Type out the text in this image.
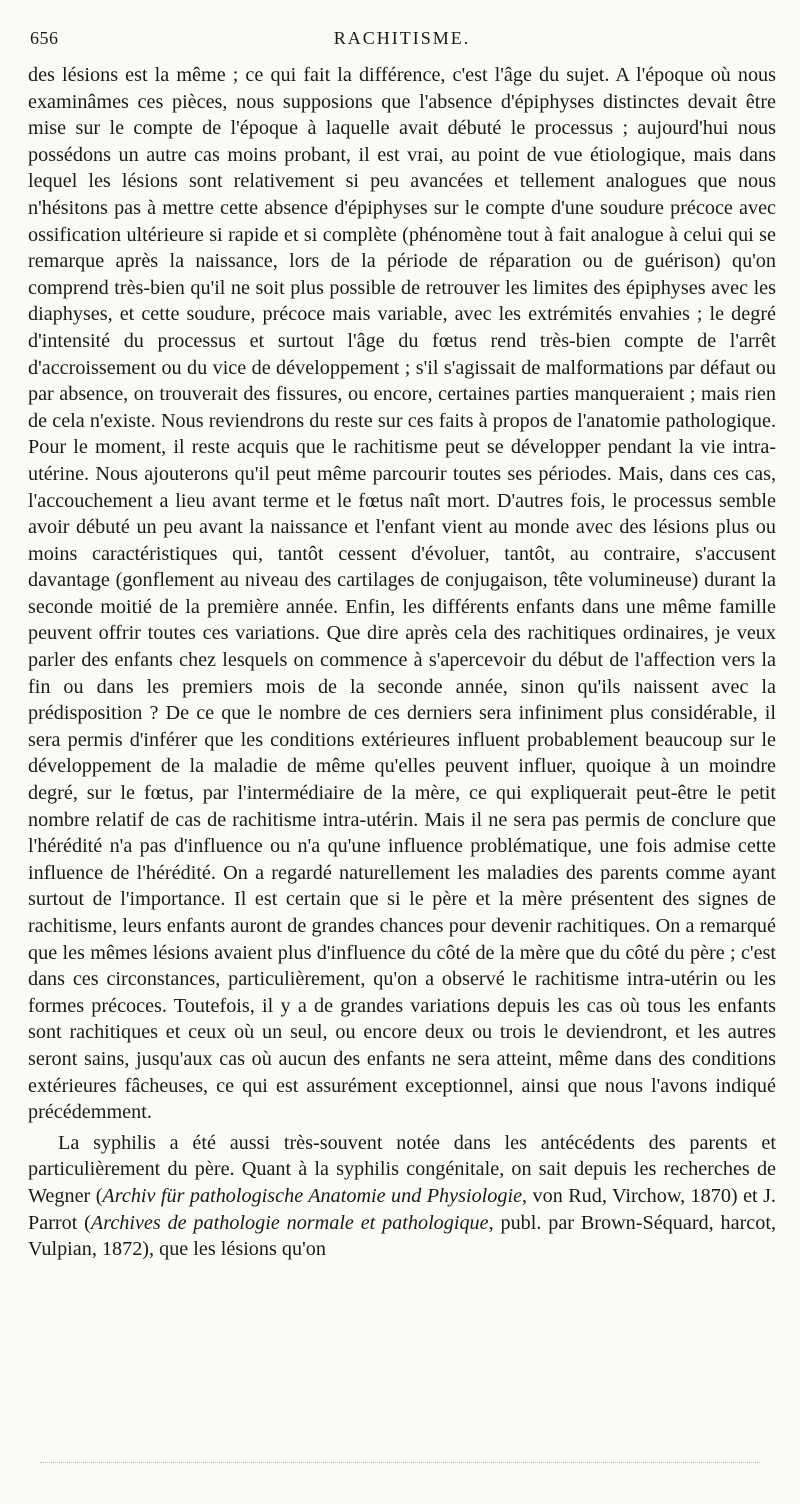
656	RACHITISME.

des lésions est la même ; ce qui fait la différence, c'est l'âge du sujet. A l'époque où nous examinâmes ces pièces, nous supposions que l'absence d'épiphyses distinctes devait être mise sur le compte de l'époque à laquelle avait débuté le processus ; aujourd'hui nous possédons un autre cas moins probant, il est vrai, au point de vue étiologique, mais dans lequel les lésions sont relativement si peu avancées et tellement analogues que nous n'hésitons pas à mettre cette absence d'épiphyses sur le compte d'une soudure précoce avec ossification ultérieure si rapide et si complète (phénomène tout à fait analogue à celui qui se remarque après la naissance, lors de la période de réparation ou de guérison) qu'on comprend très-bien qu'il ne soit plus possible de retrouver les limites des épiphyses avec les diaphyses, et cette soudure, précoce mais variable, avec les extrémités envahies ; le degré d'intensité du processus et surtout l'âge du fœtus rend très-bien compte de l'arrêt d'accroissement ou du vice de développement ; s'il s'agissait de malformations par défaut ou par absence, on trouverait des fissures, ou encore, certaines parties manqueraient ; mais rien de cela n'existe. Nous reviendrons du reste sur ces faits à propos de l'anatomie pathologique. Pour le moment, il reste acquis que le rachitisme peut se développer pendant la vie intra-utérine. Nous ajouterons qu'il peut même parcourir toutes ses périodes. Mais, dans ces cas, l'accouchement a lieu avant terme et le fœtus naît mort. D'autres fois, le processus semble avoir débuté un peu avant la naissance et l'enfant vient au monde avec des lésions plus ou moins caractéristiques qui, tantôt cessent d'évoluer, tantôt, au contraire, s'accusent davantage (gonflement au niveau des cartilages de conjugaison, tête volumineuse) durant la seconde moitié de la première année. Enfin, les différents enfants dans une même famille peuvent offrir toutes ces variations. Que dire après cela des rachitiques ordinaires, je veux parler des enfants chez lesquels on commence à s'apercevoir du début de l'affection vers la fin ou dans les premiers mois de la seconde année, sinon qu'ils naissent avec la prédisposition ? De ce que le nombre de ces derniers sera infiniment plus considérable, il sera permis d'inférer que les conditions extérieures influent probablement beaucoup sur le développement de la maladie de même qu'elles peuvent influer, quoique à un moindre degré, sur le fœtus, par l'intermédiaire de la mère, ce qui expliquerait peut-être le petit nombre relatif de cas de rachitisme intra-utérin. Mais il ne sera pas permis de conclure que l'hérédité n'a pas d'influence ou n'a qu'une influence problématique, une fois admise cette influence de l'hérédité. On a regardé naturellement les maladies des parents comme ayant surtout de l'importance. Il est certain que si le père et la mère présentent des signes de rachitisme, leurs enfants auront de grandes chances pour devenir rachitiques. On a remarqué que les mêmes lésions avaient plus d'influence du côté de la mère que du côté du père ; c'est dans ces circonstances, particulièrement, qu'on a observé le rachitisme intra-utérin ou les formes précoces. Toutefois, il y a de grandes variations depuis les cas où tous les enfants sont rachitiques et ceux où un seul, ou encore deux ou trois le deviendront, et les autres seront sains, jusqu'aux cas où aucun des enfants ne sera atteint, même dans des conditions extérieures fâcheuses, ce qui est assurément exceptionnel, ainsi que nous l'avons indiqué précédemment.

La syphilis a été aussi très-souvent notée dans les antécédents des parents et particulièrement du père. Quant à la syphilis congénitale, on sait depuis les recherches de Wegner (Archiv für pathologische Anatomie und Physiologie, von Rud, Virchow, 1870) et J. Parrot (Archives de pathologie normale et pathologique, publ. par Brown-Séquard, harcot, Vulpian, 1872), que les lésions qu'on
